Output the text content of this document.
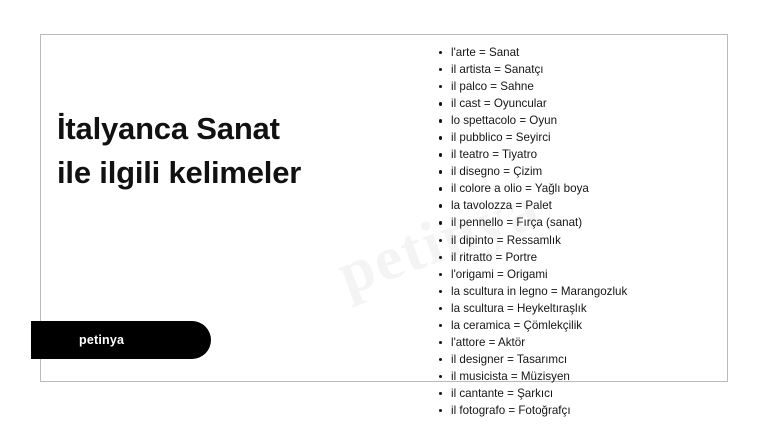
İtalyanca Sanat
ile ilgili kelimeler
petinya
l'arte = Sanat
il artista = Sanatçı
il palco = Sahne
il cast = Oyuncular
lo spettacolo = Oyun
il pubblico = Seyirci
il teatro = Tiyatro
il disegno = Çizim
il colore a olio = Yağlı boya
la tavolozza = Palet
il pennello = Fırça (sanat)
il dipinto = Ressamlık
il ritratto = Portre
l'origami = Origami
la scultura in legno = Marangozluk
la scultura = Heykeltıraşlık
la ceramica = Çömlekçilik
l'attore = Aktör
il designer = Tasarımcı
il musicista = Müzisyen
il cantante = Şarkıcı
il fotografo = Fotoğrafçı
